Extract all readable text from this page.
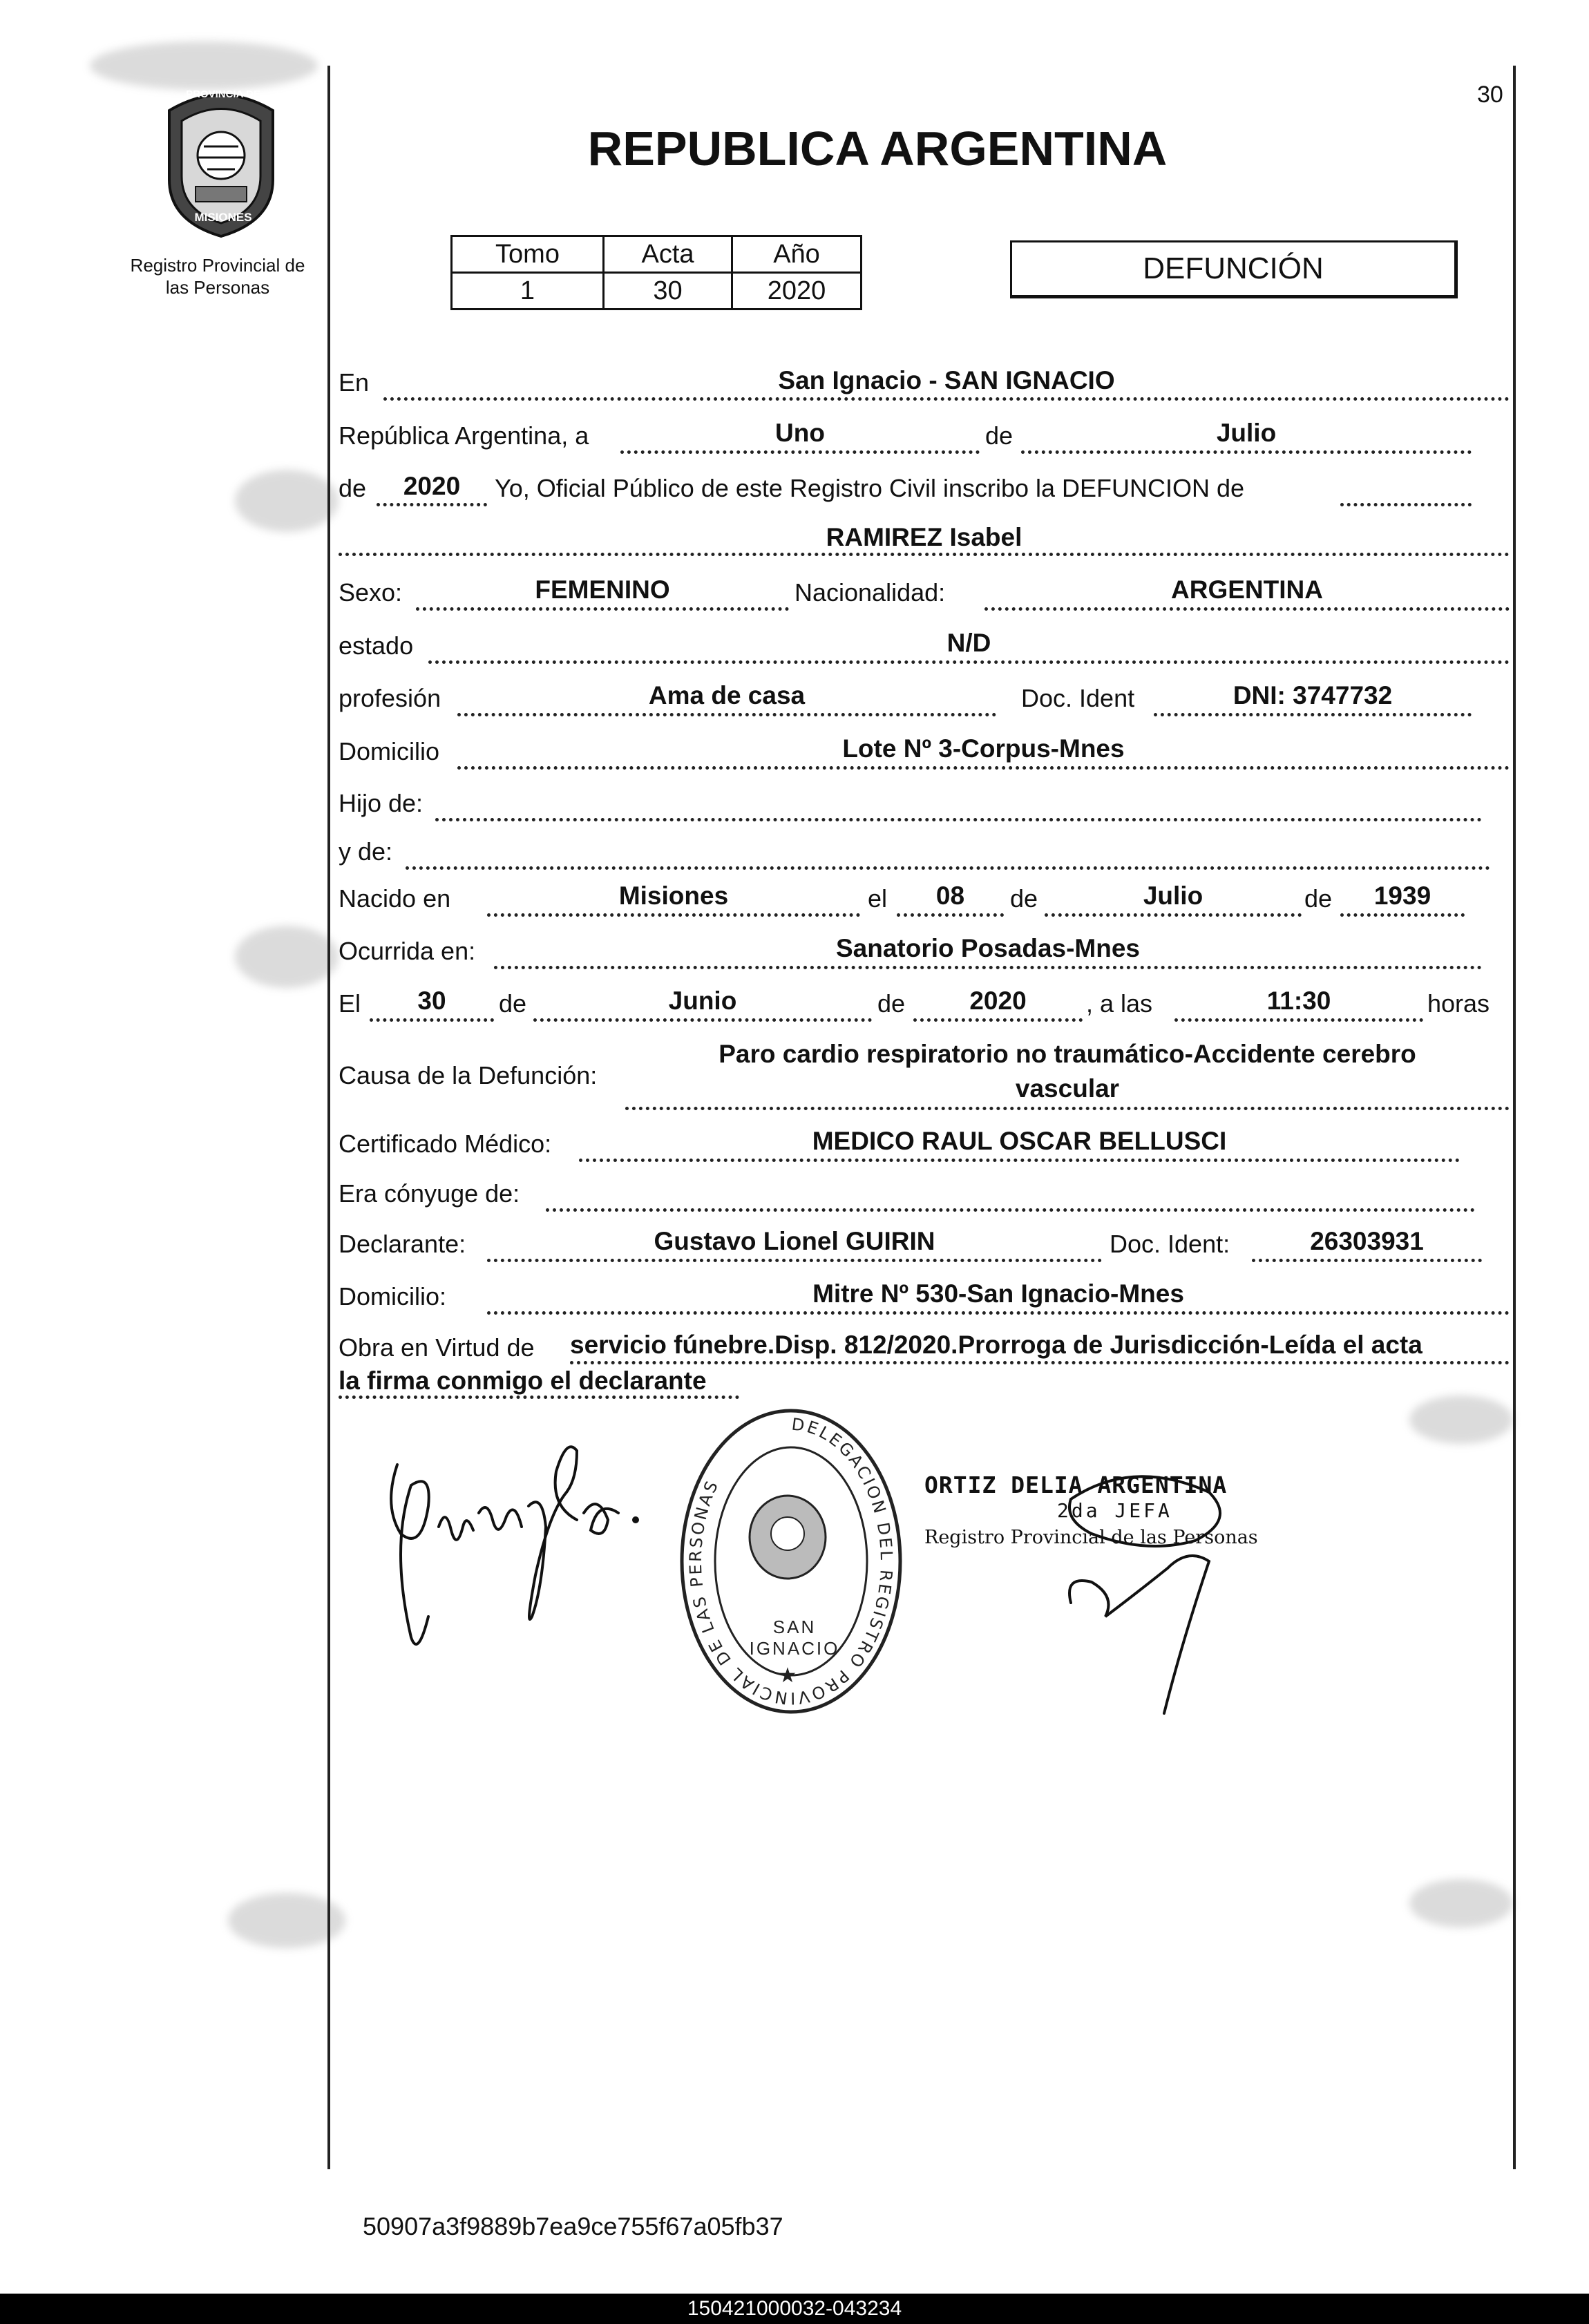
PROVINCIA DE
MISIONES
Registro Provincial de
las Personas
REPUBLICA ARGENTINA
30
Tomo	Acta	Año
1	30	2020
DEFUNCIÓN
En	San Ignacio - SAN IGNACIO
República Argentina, a	Uno	de	Julio
de	2020	Yo, Oficial Público de este Registro Civil inscribo la DEFUNCION de
RAMIREZ Isabel
Sexo:	FEMENINO	Nacionalidad:	ARGENTINA
estado	N/D
profesión	Ama de casa	Doc. Ident	DNI: 3747732
Domicilio	Lote Nº 3-Corpus-Mnes
Hijo de:
y de:
Nacido en	Misiones	el	08	de	Julio	de	1939
Ocurrida en:	Sanatorio Posadas-Mnes
El	30	de	Junio	de	2020	, a las	11:30	horas
Causa de la Defunción:
Paro cardio respiratorio no traumático-Accidente cerebro
vascular
Certificado Médico:	MEDICO RAUL OSCAR BELLUSCI
Era cónyuge de:
Declarante:	Gustavo Lionel GUIRIN	Doc. Ident:	26303931
Domicilio:	Mitre Nº 530-San Ignacio-Mnes
Obra en Virtud de servicio fúnebre.Disp. 812/2020.Prorroga de Jurisdicción-Leída el acta
la firma conmigo el declarante
DELEGACION DEL REGISTRO PROVINCIAL DE LAS PERSONAS
★
SAN IGNACIO
ORTIZ DELIA ARGENTINA
2da JEFA
Registro Provincial de las Personas
50907a3f9889b7ea9ce755f67a05fb37
150421000032-043234
